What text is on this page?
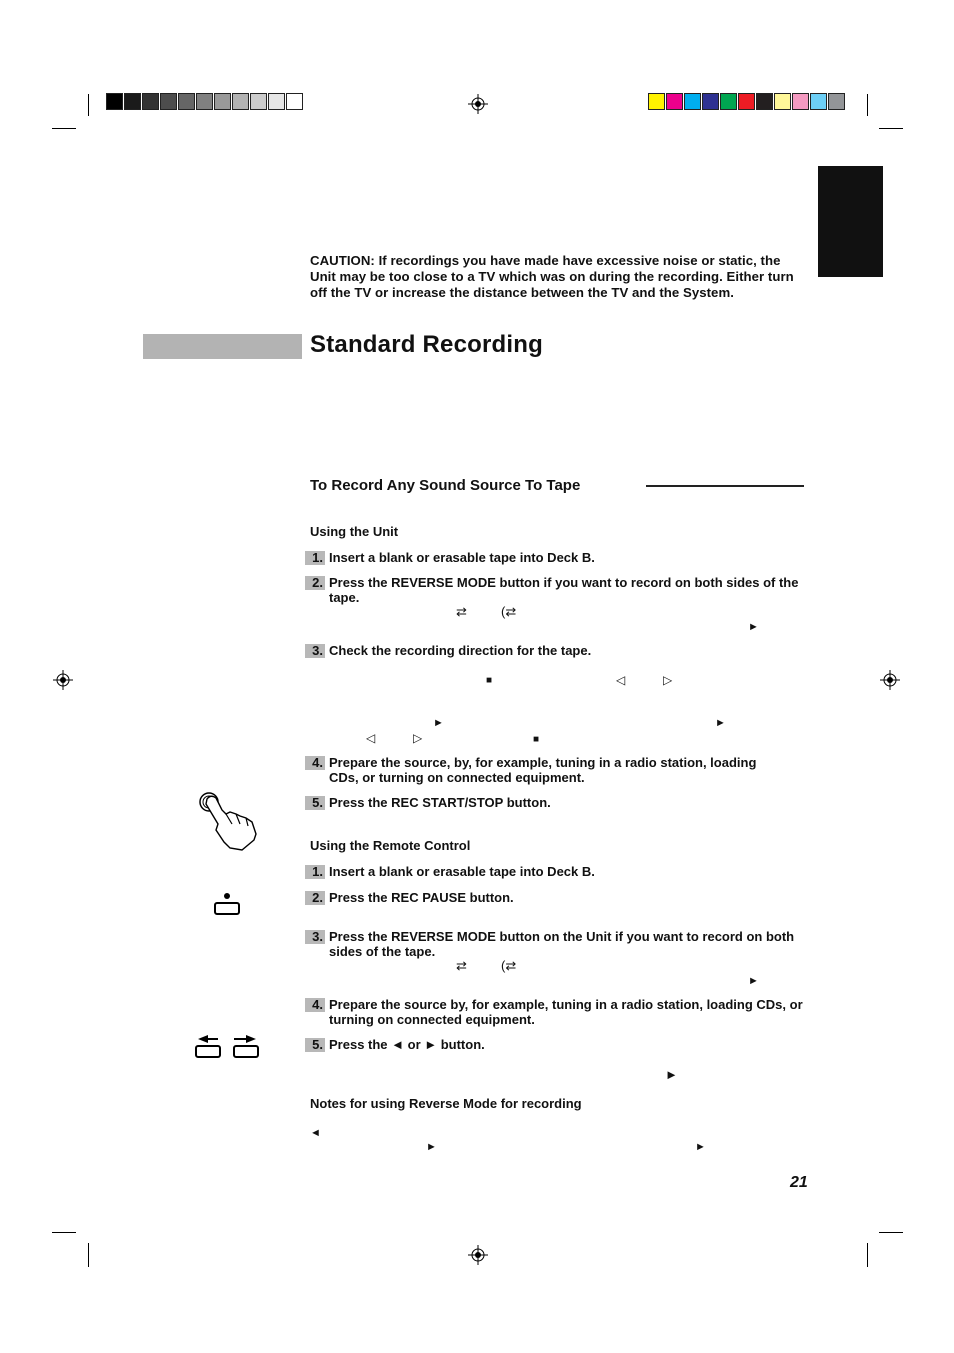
CAUTION: If recordings you have made have excessive noise or static, the Unit may be too close to a TV which was on during the recording. Either turn off the TV or increase the distance between the TV and the System.
Standard Recording
To Record Any Sound Source To Tape
Using the Unit
1. Insert a blank or erasable tape into Deck B.
2. Press the REVERSE MODE button if you want to record on both sides of the tape.
⇄	(⇄
►
3. Check the recording direction for the tape.
■	◁	▷
►	►
◁	▷	■
4. Prepare the source, by, for example, tuning in a radio station, loading CDs, or turning on connected equipment.
5. Press the REC START/STOP button.
Using the Remote Control
1. Insert a blank or erasable tape into Deck B.
2. Press the REC PAUSE button.
3. Press the REVERSE MODE button on the Unit if you want to record on both sides of the tape.
⇄	(⇄
►
4. Prepare the source by, for example, tuning in a radio station, loading CDs, or turning on connected equipment.
5. Press the ◄ or ► button.
►
Notes for using Reverse Mode for recording
◄
►	►
21
